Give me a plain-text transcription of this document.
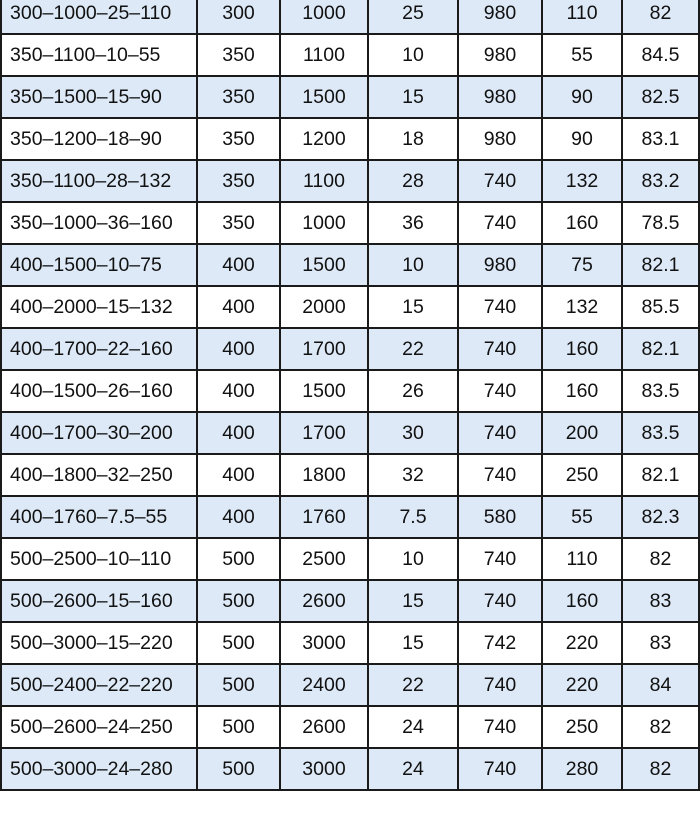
300–1000–25–110	300	1000	25	980	110	82
350–1100–10–55	350	1100	10	980	55	84.5
350–1500–15–90	350	1500	15	980	90	82.5
350–1200–18–90	350	1200	18	980	90	83.1
350–1100–28–132	350	1100	28	740	132	83.2
350–1000–36–160	350	1000	36	740	160	78.5
400–1500–10–75	400	1500	10	980	75	82.1
400–2000–15–132	400	2000	15	740	132	85.5
400–1700–22–160	400	1700	22	740	160	82.1
400–1500–26–160	400	1500	26	740	160	83.5
400–1700–30–200	400	1700	30	740	200	83.5
400–1800–32–250	400	1800	32	740	250	82.1
400–1760–7.5–55	400	1760	7.5	580	55	82.3
500–2500–10–110	500	2500	10	740	110	82
500–2600–15–160	500	2600	15	740	160	83
500–3000–15–220	500	3000	15	742	220	83
500–2400–22–220	500	2400	22	740	220	84
500–2600–24–250	500	2600	24	740	250	82
500–3000–24–280	500	3000	24	740	280	82
